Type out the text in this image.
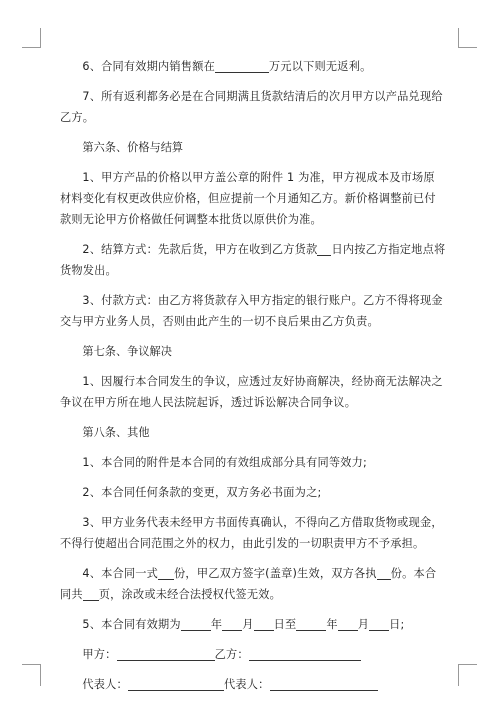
6、合同有效期内销售额在	万元以下则无返利。

7、所有返利都务必是在合同期满且货款结清后的次月甲方以产品兑现给乙方。

第六条、价格与结算

1、甲方产品的价格以甲方盖公章的附件 1 为准，甲方视成本及市场原材料变化有权更改供应价格，但应提前一个月通知乙方。新价格调整前已付款则无论甲方价格做任何调整本批货以原供价为准。

2、结算方式：先款后货，甲方在收到乙方货款 日内按乙方指定地点将货物发出。

3、付款方式：由乙方将货款存入甲方指定的银行账户。乙方不得将现金交与甲方业务人员，否则由此产生的一切不良后果由乙方负责。

第七条、争议解决

1、因履行本合同发生的争议，应透过友好协商解决，经协商无法解决之争议在甲方所在地人民法院起诉，透过诉讼解决合同争议。

第八条、其他

1、本合同的附件是本合同的有效组成部分具有同等效力;

2、本合同任何条款的变更，双方务必书面为之;

3、甲方业务代表未经甲方书面传真确认，不得向乙方借取货物或现金，不得行使超出合同范围之外的权力，由此引发的一切职责甲方不予承担。

4、本合同一式 份，甲乙双方签字(盖章)生效，双方各执 份。本合同共 页，涂改或未经合法授权代签无效。

5、本合同有效期为	年 月 日至	年 月 日;

甲方：	乙方：

代表人：	代表人：
